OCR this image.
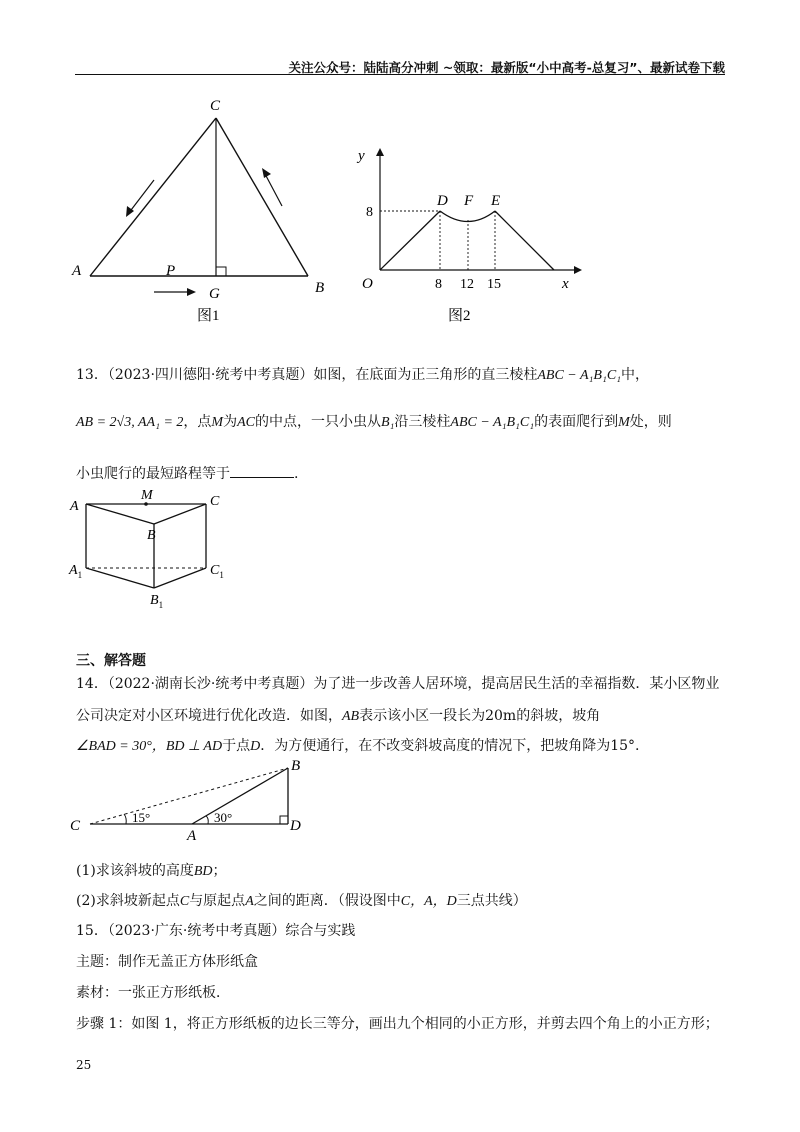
关注公众号：陆陆高分冲刺 ~领取：最新版“小中高考-总复习”、最新试卷下载
C
A	P
G	B
图1
y
O	x
8
8 12 15
D F E
图2
13．（2023·四川德阳·统考中考真题）如图，在底面为正三角形的直三棱柱ABC − A₁B₁C₁中，
AB = 2√3, AA₁ = 2，点M为AC的中点，一只小虫从B₁沿三棱柱ABC − A₁B₁C₁的表面爬行到M处，则
小虫爬行的最短路程等于	.
A
M	C
B
$A_1$	$C_1$
$B_1$
三、解答题
14．（2022·湖南长沙·统考中考真题）为了进一步改善人居环境，提高居民生活的幸福指数．某小区物业
公司决定对小区环境进行优化改造．如图，AB表示该小区一段长为20m的斜坡，坡角
∠BAD = 30°，BD ⊥ AD于点D．为方便通行，在不改变斜坡高度的情况下，把坡角降为15°.
B
C
A
D
15°	30°
(1)求该斜坡的高度BD；
(2)求斜坡新起点C与原起点A之间的距离．（假设图中C，A，D三点共线）
15．（2023·广东·统考中考真题）综合与实践
主题：制作无盖正方体形纸盒
素材：一张正方形纸板．
步骤 1：如图 1，将正方形纸板的边长三等分，画出九个相同的小正方形，并剪去四个角上的小正方形；
25
